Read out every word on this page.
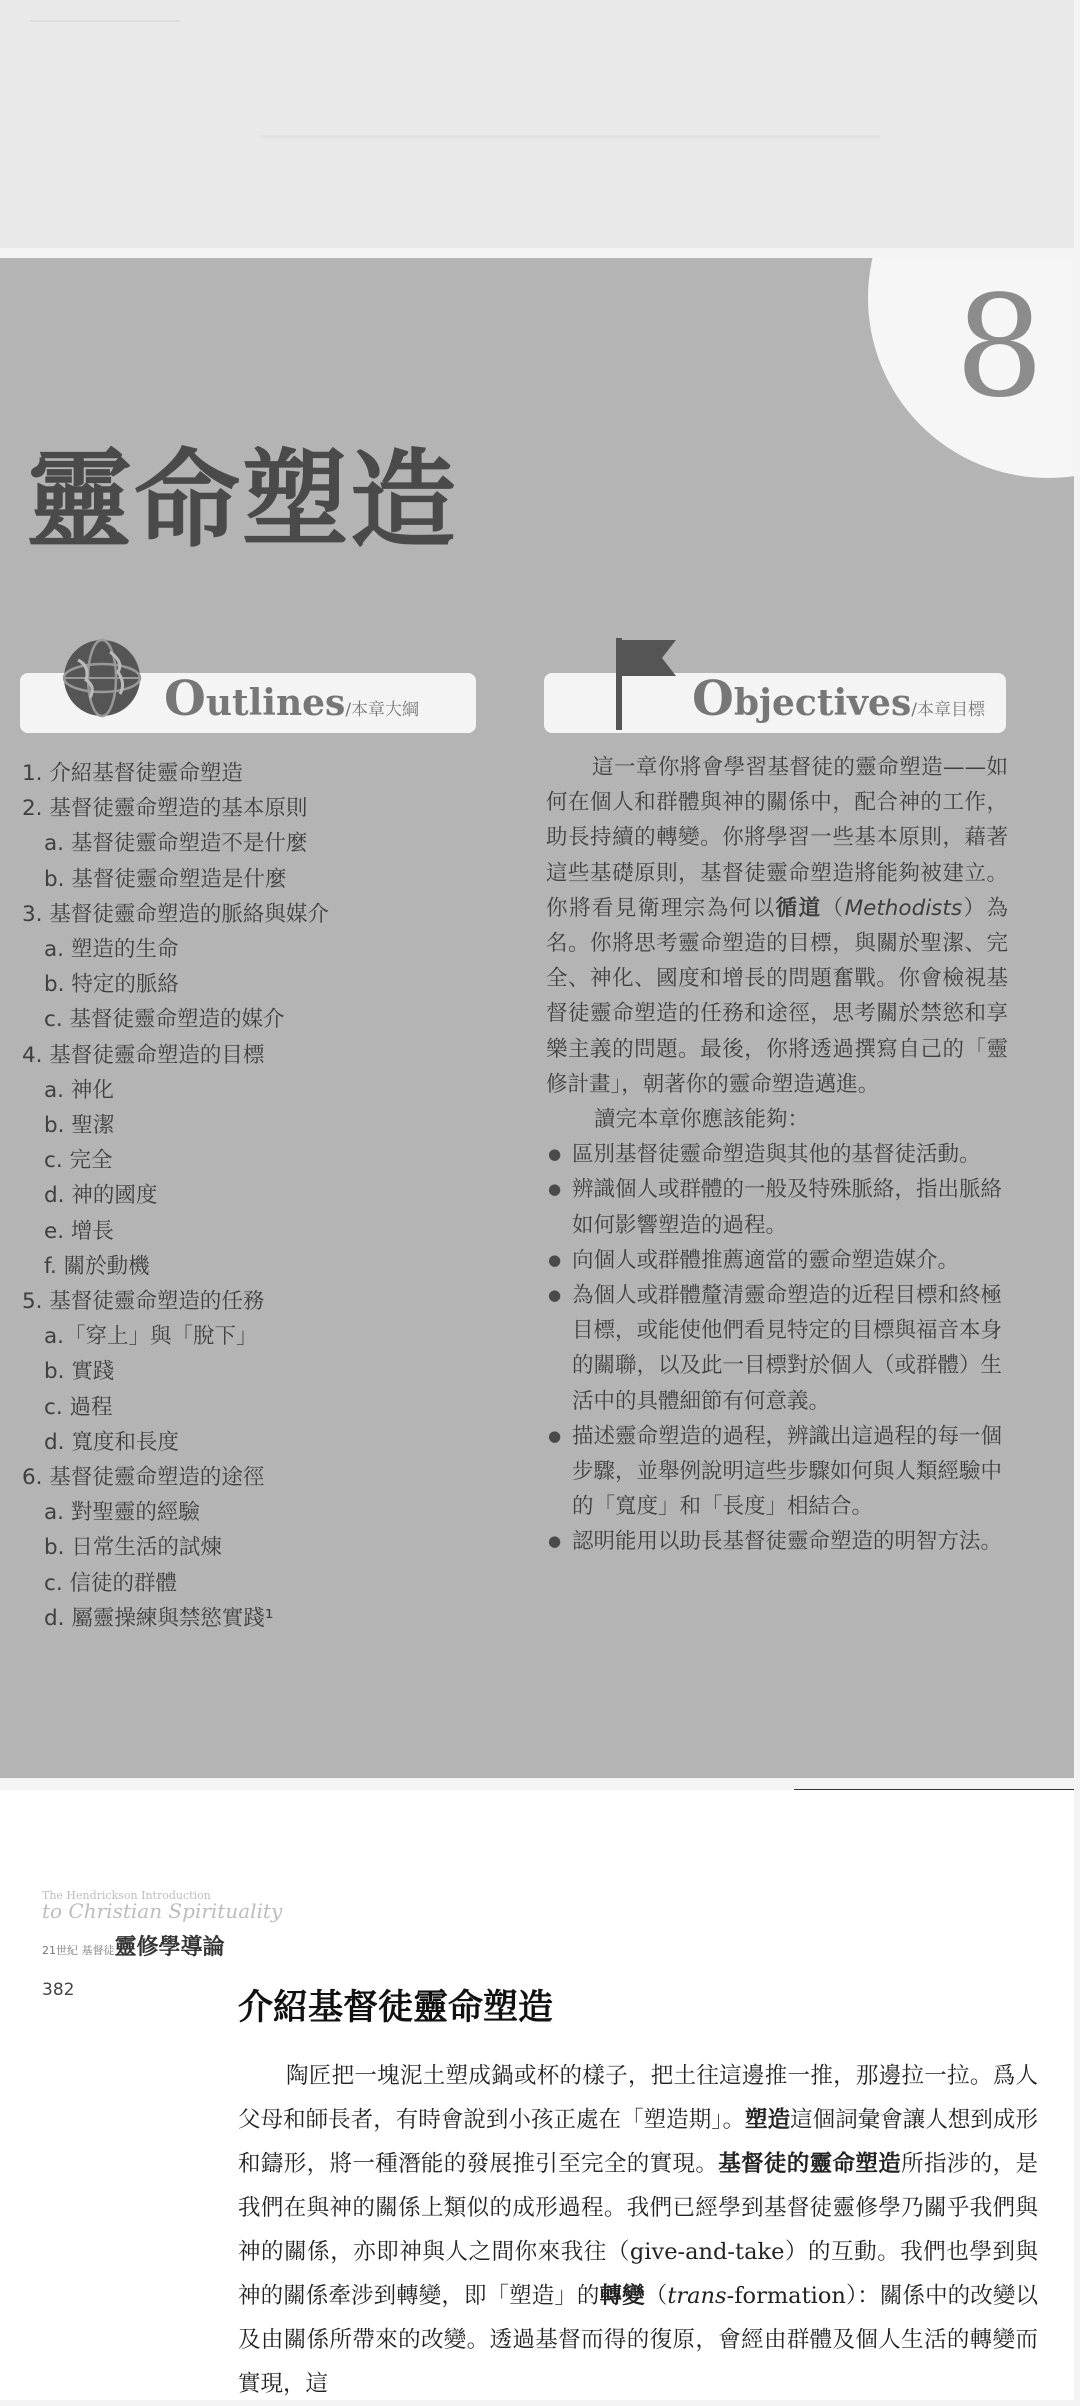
8
靈命塑造
Outlines/本章大綱	Objectives/本章目標
1. 介紹基督徒靈命塑造
2. 基督徒靈命塑造的基本原則
a. 基督徒靈命塑造不是什麼
b. 基督徒靈命塑造是什麼
3. 基督徒靈命塑造的脈絡與媒介
a. 塑造的生命
b. 特定的脈絡
c. 基督徒靈命塑造的媒介
4. 基督徒靈命塑造的目標
a. 神化
b. 聖潔
c. 完全
d. 神的國度
e. 增長
f. 關於動機
5. 基督徒靈命塑造的任務
a.「穿上」與「脫下」
b. 實踐
c. 過程
d. 寬度和長度
6. 基督徒靈命塑造的途徑
a. 對聖靈的經驗
b. 日常生活的試煉
c. 信徒的群體
d. 屬靈操練與禁慾實踐¹

這一章你將會學習基督徒的靈命塑造——如何在個人和群體與神的關係中，配合神的工作，助長持續的轉變。你將學習一些基本原則，藉著這些基礎原則，基督徒靈命塑造將能夠被建立。你將看見衛理宗為何以循道（Methodists）為名。你將思考靈命塑造的目標，與關於聖潔、完全、神化、國度和增長的問題奮戰。你會檢視基督徒靈命塑造的任務和途徑，思考關於禁慾和享樂主義的問題。最後，你將透過撰寫自己的「靈修計畫」，朝著你的靈命塑造邁進。

讀完本章你應該能夠：

● 區別基督徒靈命塑造與其他的基督徒活動。
● 辨識個人或群體的一般及特殊脈絡，指出脈絡如何影響塑造的過程。
● 向個人或群體推薦適當的靈命塑造媒介。
● 為個人或群體釐清靈命塑造的近程目標和終極目標，或能使他們看見特定的目標與福音本身的關聯，以及此一目標對於個人（或群體）生活中的具體細節有何意義。
● 描述靈命塑造的過程，辨識出這過程的每一個步驟，並舉例說明這些步驟如何與人類經驗中的「寬度」和「長度」相結合。
● 認明能用以助長基督徒靈命塑造的明智方法。
The Hendrickson Introduction
to Christian Spirituality
21世紀 基督徒靈修學導論
382	介紹基督徒靈命塑造

陶匠把一塊泥土塑成鍋或杯的樣子，把土往這邊推一推，那邊拉一拉。爲人父母和師長者，有時會說到小孩正處在「塑造期」。塑造這個詞彙會讓人想到成形和鑄形，將一種潛能的發展推引至完全的實現。基督徒的靈命塑造所指涉的，是我們在與神的關係上類似的成形過程。我們已經學到基督徒靈修學乃關乎我們與神的關係，亦即神與人之間你來我往（give-and-take）的互動。我們也學到與神的關係牽涉到轉變，即「塑造」的轉變（trans-formation）：關係中的改變以及由關係所帶來的改變。透過基督而得的復原，會經由群體及個人生活的轉變而實現，這
